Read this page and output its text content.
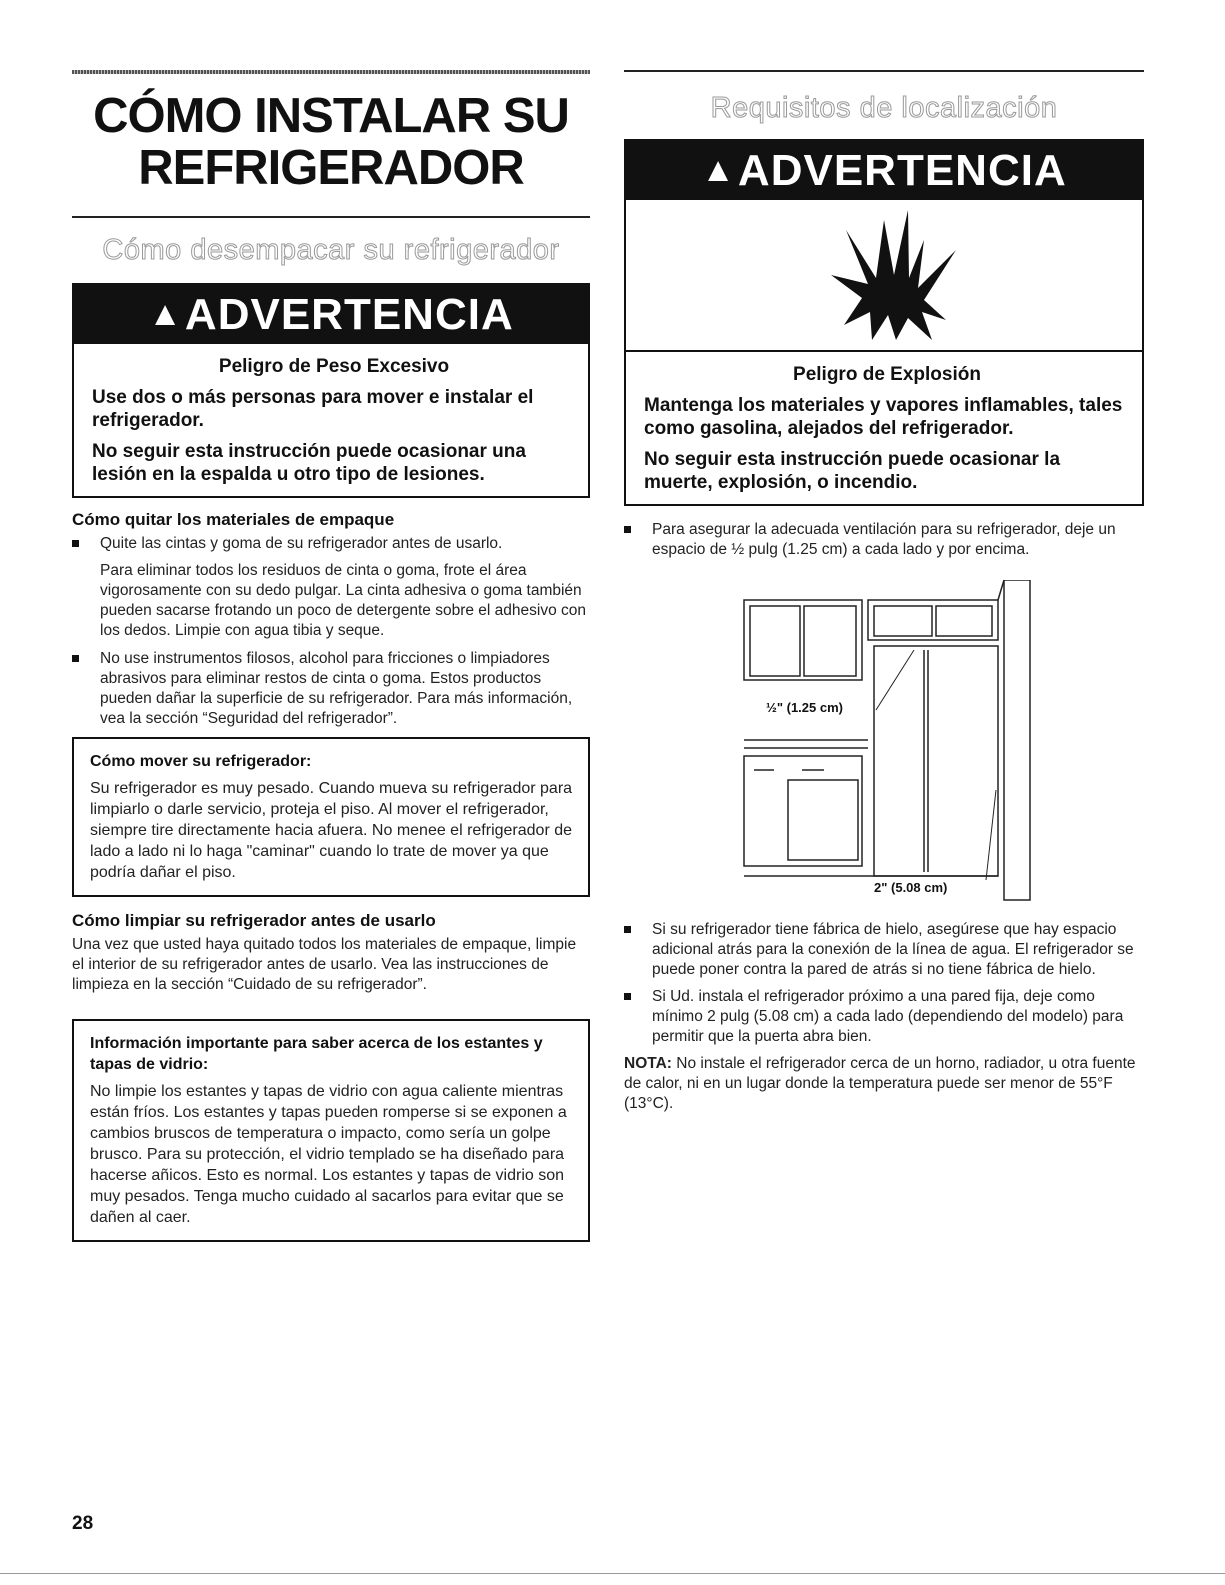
CÓMO INSTALAR SU
REFRIGERADOR
Cómo desempacar su refrigerador
▲ADVERTENCIA
Peligro de Peso Excesivo
Use dos o más personas para mover e instalar el refrigerador.
No seguir esta instrucción puede ocasionar una lesión en la espalda u otro tipo de lesiones.
Cómo quitar los materiales de empaque
Quite las cintas y goma de su refrigerador antes de usarlo.
Para eliminar todos los residuos de cinta o goma, frote el área vigorosamente con su dedo pulgar. La cinta adhesiva o goma también pueden sacarse frotando un poco de detergente sobre el adhesivo con los dedos. Limpie con agua tibia y seque.
No use instrumentos filosos, alcohol para fricciones o limpiadores abrasivos para eliminar restos de cinta o goma. Estos productos pueden dañar la superficie de su refrigerador. Para más información, vea la sección “Seguridad del refrigerador”.
Cómo mover su refrigerador:
Su refrigerador es muy pesado. Cuando mueva su refrigerador para limpiarlo o darle servicio, proteja el piso. Al mover el refrigerador, siempre tire directamente hacia afuera. No menee el refrigerador de lado a lado ni lo haga "caminar" cuando lo trate de mover ya que podría dañar el piso.
Cómo limpiar su refrigerador antes de usarlo
Una vez que usted haya quitado todos los materiales de empaque, limpie el interior de su refrigerador antes de usarlo. Vea las instrucciones de limpieza en la sección “Cuidado de su refrigerador”.
Información importante para saber acerca de los estantes y tapas de vidrio:
No limpie los estantes y tapas de vidrio con agua caliente mientras están fríos. Los estantes y tapas pueden romperse si se exponen a cambios bruscos de temperatura o impacto, como sería un golpe brusco. Para su protección, el vidrio templado se ha diseñado para hacerse añicos. Esto es normal. Los estantes y tapas de vidrio son muy pesados. Tenga mucho cuidado al sacarlos para evitar que se dañen al caer.
Requisitos de localización
▲ADVERTENCIA
Peligro de Explosión
Mantenga los materiales y vapores inflamables, tales como gasolina, alejados del refrigerador.
No seguir esta instrucción puede ocasionar la muerte, explosión, o incendio.
Para asegurar la adecuada ventilación para su refrigerador, deje un espacio de ½ pulg (1.25 cm) a cada lado y por encima.
½" (1.25 cm)
2" (5.08 cm)
Si su refrigerador tiene fábrica de hielo, asegúrese que hay espacio adicional atrás para la conexión de la línea de agua. El refrigerador se puede poner contra la pared de atrás si no tiene fábrica de hielo.
Si Ud. instala el refrigerador próximo a una pared fija, deje como mínimo 2 pulg (5.08 cm) a cada lado (dependiendo del modelo) para permitir que la puerta abra bien.
NOTA: No instale el refrigerador cerca de un horno, radiador, u otra fuente de calor, ni en un lugar donde la temperatura puede ser menor de 55°F (13°C).
28
